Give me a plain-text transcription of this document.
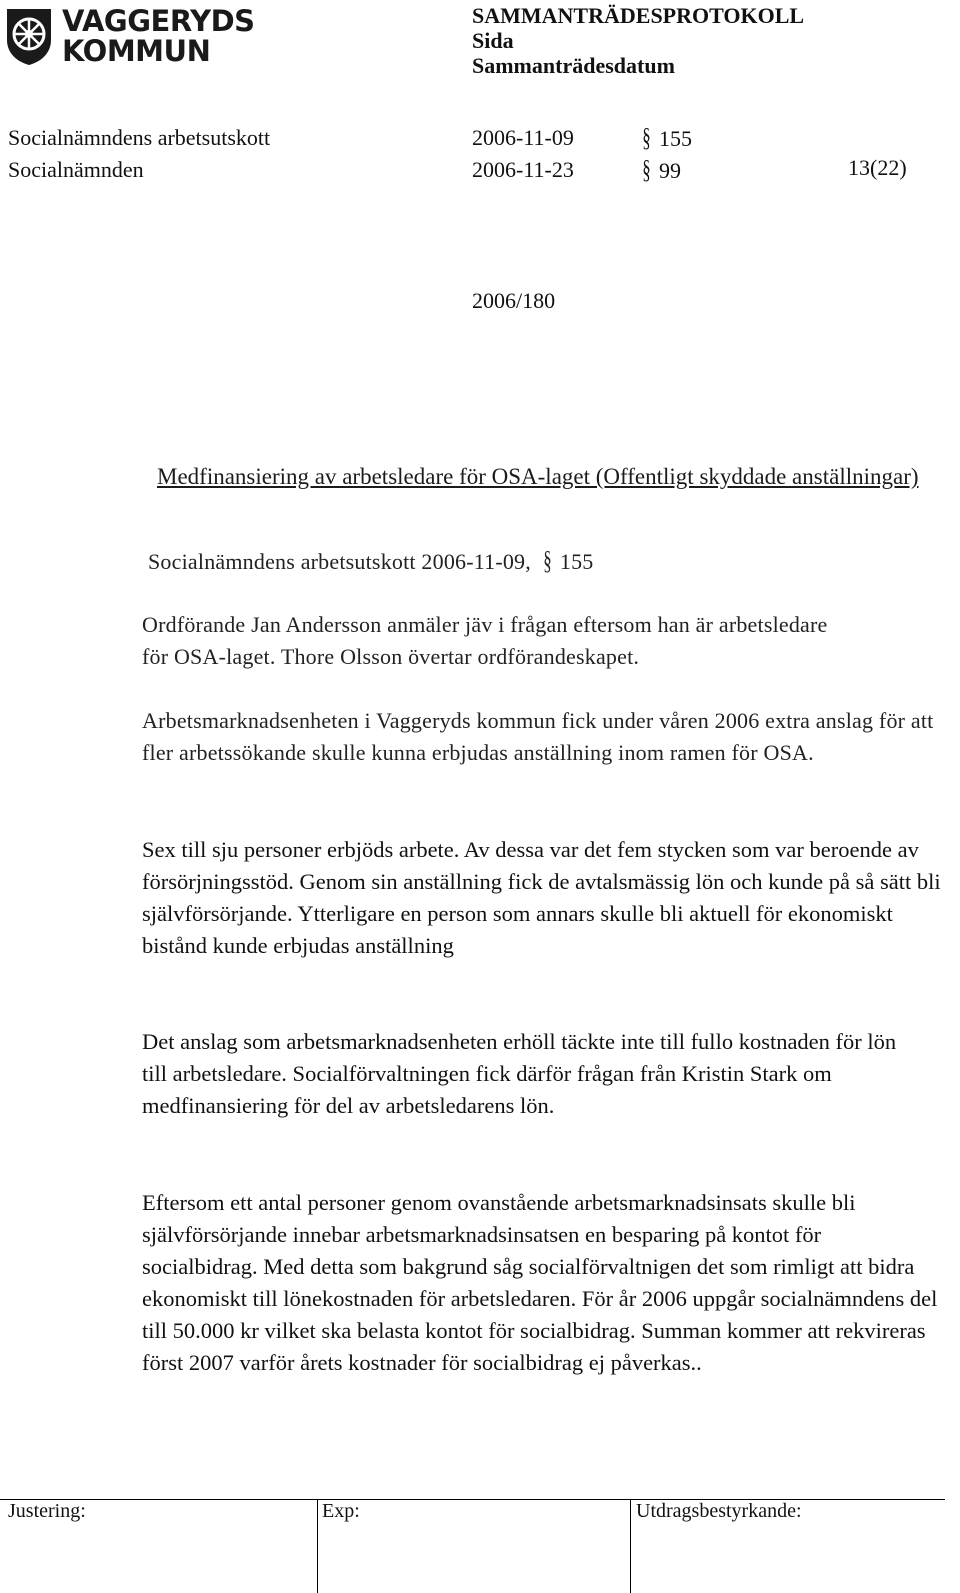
VAGGERYDS
KOMMUN
SAMMANTRÄDESPROTOKOLL
Sida
Sammanträdesdatum
Socialnämndens arbetsutskott	2006-11-09	§ 155
Socialnämnden	2006-11-23	§ 99	13(22)
2006/180
Medfinansiering av arbetsledare för OSA-laget (Offentligt skyddade anställningar)
Socialnämndens arbetsutskott 2006-11-09, § 155
Ordförande Jan Andersson anmäler jäv i frågan eftersom han är arbetsledare för OSA-laget. Thore Olsson övertar ordförandeskapet.
Arbetsmarknadsenheten i Vaggeryds kommun fick under våren 2006 extra anslag för att fler arbetssökande skulle kunna erbjudas anställning inom ramen för OSA.
Sex till sju personer erbjöds arbete. Av dessa var det fem stycken som var beroende av försörjningsstöd. Genom sin anställning fick de avtalsmässig lön och kunde på så sätt bli självförsörjande. Ytterligare en person som annars skulle bli aktuell för ekonomiskt bistånd kunde erbjudas anställning
Det anslag som arbetsmarknadsenheten erhöll täckte inte till fullo kostnaden för lön till arbetsledare. Socialförvaltningen fick därför frågan från Kristin Stark om medfinansiering för del av arbetsledarens lön.
Eftersom ett antal personer genom ovanstående arbetsmarknadsinsats skulle bli självförsörjande innebar arbetsmarknadsinsatsen en besparing på kontot för socialbidrag. Med detta som bakgrund såg socialförvaltnigen det som rimligt att bidra ekonomiskt till lönekostnaden för arbetsledaren. För år 2006 uppgår socialnämndens del till 50.000 kr vilket ska belasta kontot för socialbidrag. Summan kommer att rekvireras först 2007 varför årets kostnader för socialbidrag ej påverkas..
Justering:	Exp:	Utdragsbestyrkande:
